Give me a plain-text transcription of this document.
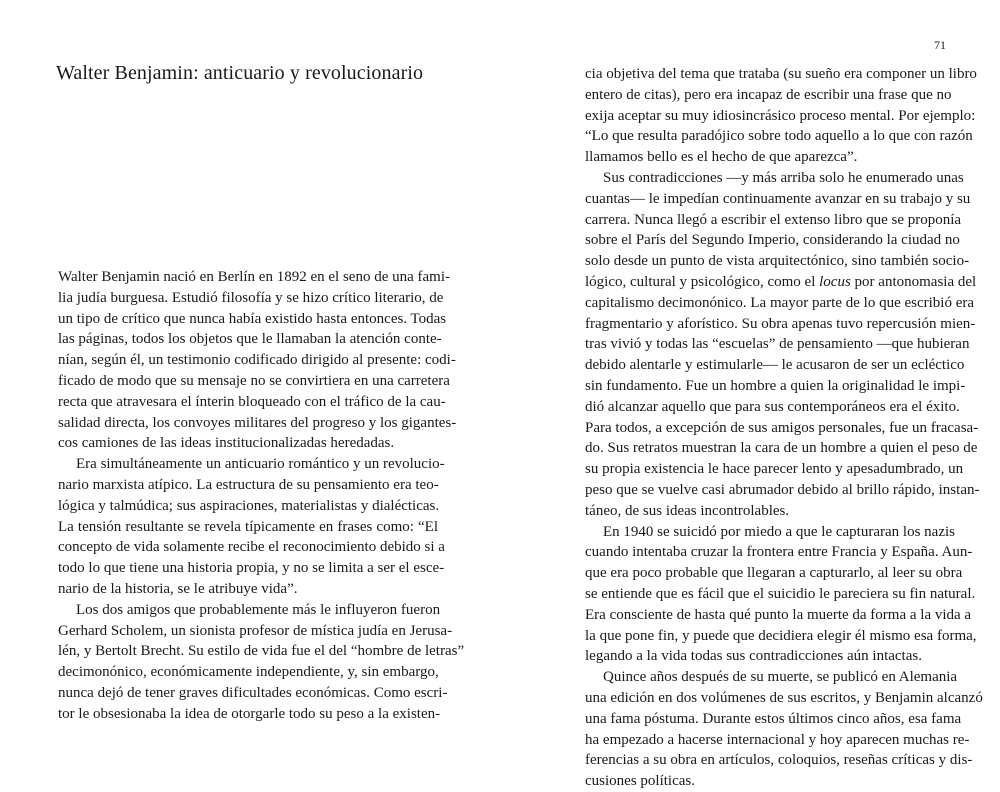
Walter Benjamin: anticuario y revolucionario
Walter Benjamin nació en Berlín en 1892 en el seno de una fami-
lia judía burguesa. Estudió filosofía y se hizo crítico literario, de
un tipo de crítico que nunca había existido hasta entonces. Todas
las páginas, todos los objetos que le llamaban la atención conte-
nían, según él, un testimonio codificado dirigido al presente: codi-
ficado de modo que su mensaje no se convirtiera en una carretera
recta que atravesara el ínterin bloqueado con el tráfico de la cau-
salidad directa, los convoyes militares del progreso y los gigantes-
cos camiones de las ideas institucionalizadas heredadas.
Era simultáneamente un anticuario romántico y un revolucio-
nario marxista atípico. La estructura de su pensamiento era teo-
lógica y talmúdica; sus aspiraciones, materialistas y dialécticas.
La tensión resultante se revela típicamente en frases como: “El
concepto de vida solamente recibe el reconocimiento debido si a
todo lo que tiene una historia propia, y no se limita a ser el esce-
nario de la historia, se le atribuye vida”.
Los dos amigos que probablemente más le influyeron fueron
Gerhard Scholem, un sionista profesor de mística judía en Jerusa-
lén, y Bertolt Brecht. Su estilo de vida fue el del “hombre de letras”
decimonónico, económicamente independiente, y, sin embargo,
nunca dejó de tener graves dificultades económicas. Como escri-
tor le obsesionaba la idea de otorgarle todo su peso a la existen-
71
cia objetiva del tema que trataba (su sueño era componer un libro
entero de citas), pero era incapaz de escribir una frase que no
exija aceptar su muy idiosincrásico proceso mental. Por ejemplo:
“Lo que resulta paradójico sobre todo aquello a lo que con razón
llamamos bello es el hecho de que aparezca”.
Sus contradicciones —y más arriba solo he enumerado unas
cuantas— le impedían continuamente avanzar en su trabajo y su
carrera. Nunca llegó a escribir el extenso libro que se proponía
sobre el París del Segundo Imperio, considerando la ciudad no
solo desde un punto de vista arquitectónico, sino también socio-
lógico, cultural y psicológico, como el locus por antonomasia del
capitalismo decimonónico. La mayor parte de lo que escribió era
fragmentario y aforístico. Su obra apenas tuvo repercusión mien-
tras vivió y todas las “escuelas” de pensamiento —que hubieran
debido alentarle y estimularle— le acusaron de ser un ecléctico
sin fundamento. Fue un hombre a quien la originalidad le impi-
dió alcanzar aquello que para sus contemporáneos era el éxito.
Para todos, a excepción de sus amigos personales, fue un fracasa-
do. Sus retratos muestran la cara de un hombre a quien el peso de
su propia existencia le hace parecer lento y apesadumbrado, un
peso que se vuelve casi abrumador debido al brillo rápido, instan-
táneo, de sus ideas incontrolables.
En 1940 se suicidó por miedo a que le capturaran los nazis
cuando intentaba cruzar la frontera entre Francia y España. Aun-
que era poco probable que llegaran a capturarlo, al leer su obra
se entiende que es fácil que el suicidio le pareciera su fin natural.
Era consciente de hasta qué punto la muerte da forma a la vida a
la que pone fin, y puede que decidiera elegir él mismo esa forma,
legando a la vida todas sus contradicciones aún intactas.
Quince años después de su muerte, se publicó en Alemania
una edición en dos volúmenes de sus escritos, y Benjamin alcanzó
una fama póstuma. Durante estos últimos cinco años, esa fama
ha empezado a hacerse internacional y hoy aparecen muchas re-
ferencias a su obra en artículos, coloquios, reseñas críticas y dis-
cusiones políticas.
